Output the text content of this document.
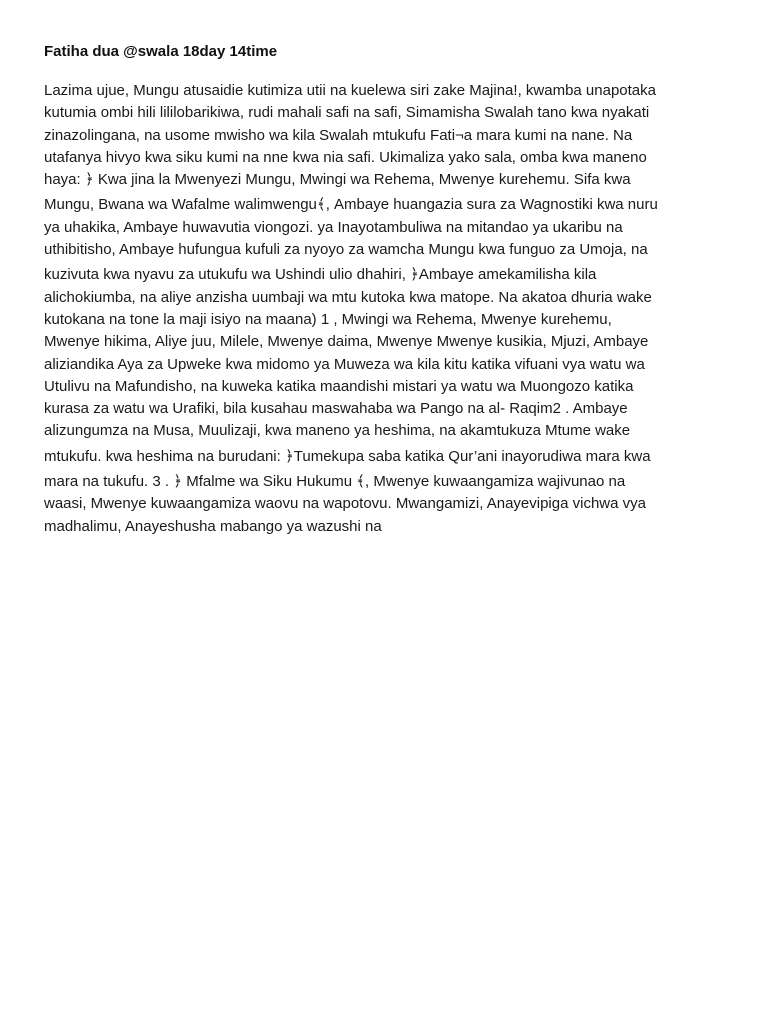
Fatiha dua @swala 18day 14time
Lazima ujue, Mungu atusaidie kutimiza utii na kuelewa siri zake Majina!, kwamba unapotaka
kutumia ombi hili lililobarikiwa, rudi mahali safi na safi, Simamisha Swalah tano kwa nyakati
zinazolingana, na usome mwisho wa kila Swalah mtukufu Fati¬a mara kumi na nane. Na
utafanya hivyo kwa siku kumi na nne kwa nia safi. Ukimaliza yako sala, omba kwa maneno
haya: ﴿ Kwa jina la Mwenyezi Mungu, Mwingi wa Rehema, Mwenye kurehemu. Sifa kwa
Mungu, Bwana wa Wafalme walimwengu﴾, Ambaye huangazia sura za Wagnostiki kwa nuru
ya uhakika, Ambaye huwavutia viongozi. ya Inayotambuliwa na mitandao ya ukaribu na
uthibitisho, Ambaye hufungua kufuli za nyoyo za wamcha Mungu kwa funguo za Umoja, na
kuzivuta kwa nyavu za utukufu wa Ushindi ulio dhahiri, ﴿Ambaye amekamilisha kila
alichokiumba, na aliye anzisha uumbaji wa mtu kutoka kwa matope. Na akatoa dhuria wake
kutokana na tone la maji isiyo na maana) 1 , Mwingi wa Rehema, Mwenye kurehemu,
Mwenye hikima, Aliye juu, Milele, Mwenye daima, Mwenye Mwenye kusikia, Mjuzi, Ambaye
aliziandika Aya za Upweke kwa midomo ya Muweza wa kila kitu katika vifuani vya watu wa
Utulivu na Mafundisho, na kuweka katika maandishi mistari ya watu wa Muongozo katika
kurasa za watu wa Urafiki, bila kusahau maswahaba wa Pango na al- Raqim2 . Ambaye
alizungumza na Musa, Muulizaji, kwa maneno ya heshima, na akamtukuza Mtume wake
mtukufu. kwa heshima na burudani: ﴿Tumekupa saba katika Qur’ani inayorudiwa mara kwa
mara na tukufu. 3 . ﴿ Mfalme wa Siku Hukumu ﴾, Mwenye kuwaangamiza wajivunao na
waasi, Mwenye kuwaangamiza waovu na wapotovu. Mwangamizi, Anayevipiga vichwa vya
madhalimu, Anayeshusha mabango ya wazushi na
